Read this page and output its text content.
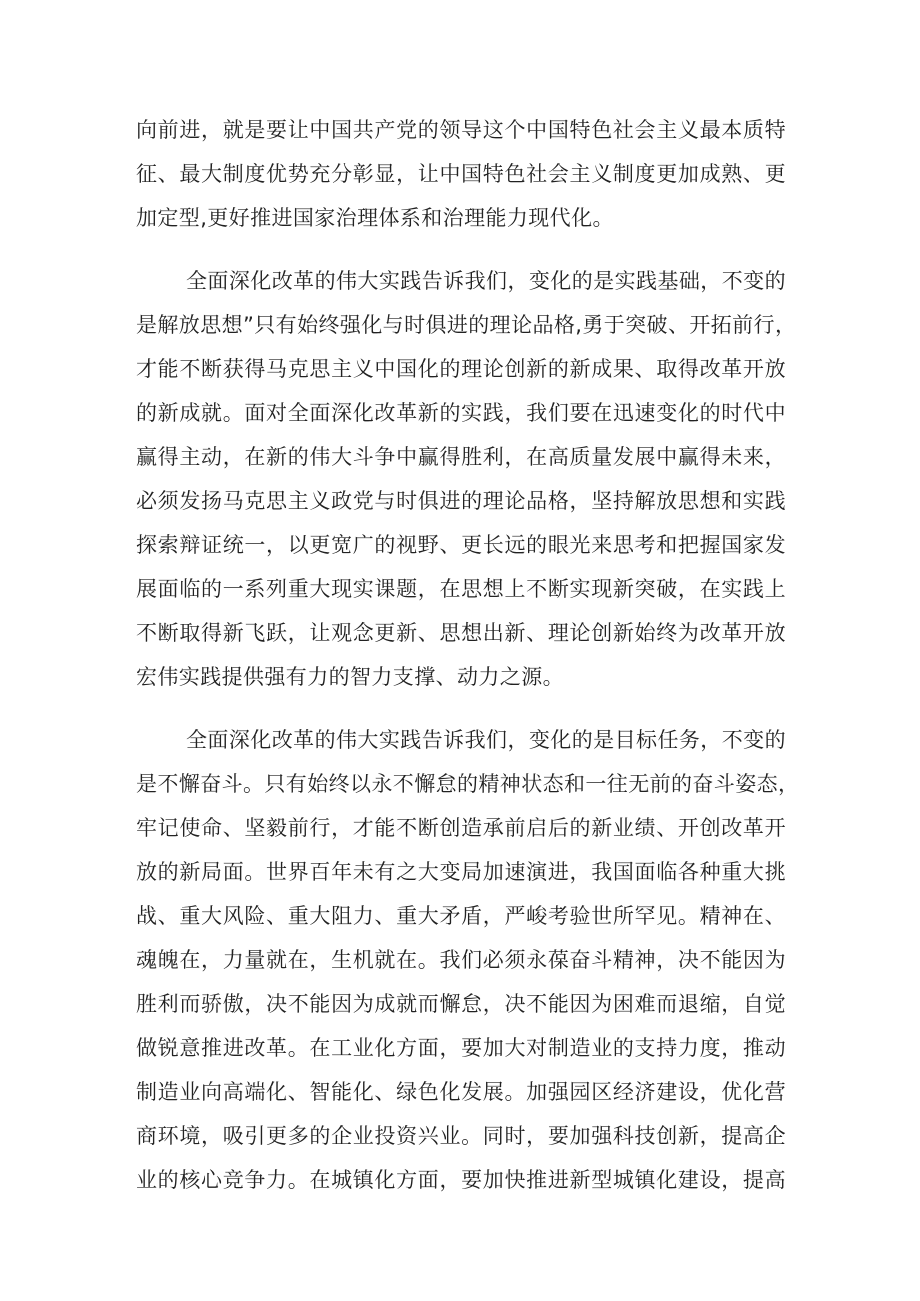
向前进，就是要让中国共产党的领导这个中国特色社会主义最本质特
征、最大制度优势充分彰显，让中国特色社会主义制度更加成熟、更
加定型,更好推进国家治理体系和治理能力现代化。
全面深化改革的伟大实践告诉我们，变化的是实践基础，不变的
是解放思想”只有始终强化与时俱进的理论品格,勇于突破、开拓前行，
才能不断获得马克思主义中国化的理论创新的新成果、取得改革开放
的新成就。面对全面深化改革新的实践，我们要在迅速变化的时代中
赢得主动，在新的伟大斗争中赢得胜利，在高质量发展中赢得未来，
必须发扬马克思主义政党与时俱进的理论品格，坚持解放思想和实践
探索辩证统一，以更宽广的视野、更长远的眼光来思考和把握国家发
展面临的一系列重大现实课题，在思想上不断实现新突破，在实践上
不断取得新飞跃，让观念更新、思想出新、理论创新始终为改革开放
宏伟实践提供强有力的智力支撑、动力之源。
全面深化改革的伟大实践告诉我们，变化的是目标任务，不变的
是不懈奋斗。只有始终以永不懈怠的精神状态和一往无前的奋斗姿态，
牢记使命、坚毅前行，才能不断创造承前启后的新业绩、开创改革开
放的新局面。世界百年未有之大变局加速演进，我国面临各种重大挑
战、重大风险、重大阻力、重大矛盾，严峻考验世所罕见。精神在、
魂魄在，力量就在，生机就在。我们必须永葆奋斗精神，决不能因为
胜利而骄傲，决不能因为成就而懈怠，决不能因为困难而退缩，自觉
做锐意推进改革。在工业化方面，要加大对制造业的支持力度，推动
制造业向高端化、智能化、绿色化发展。加强园区经济建设，优化营
商环境，吸引更多的企业投资兴业。同时，要加强科技创新，提高企
业的核心竞争力。在城镇化方面，要加快推进新型城镇化建设，提高
